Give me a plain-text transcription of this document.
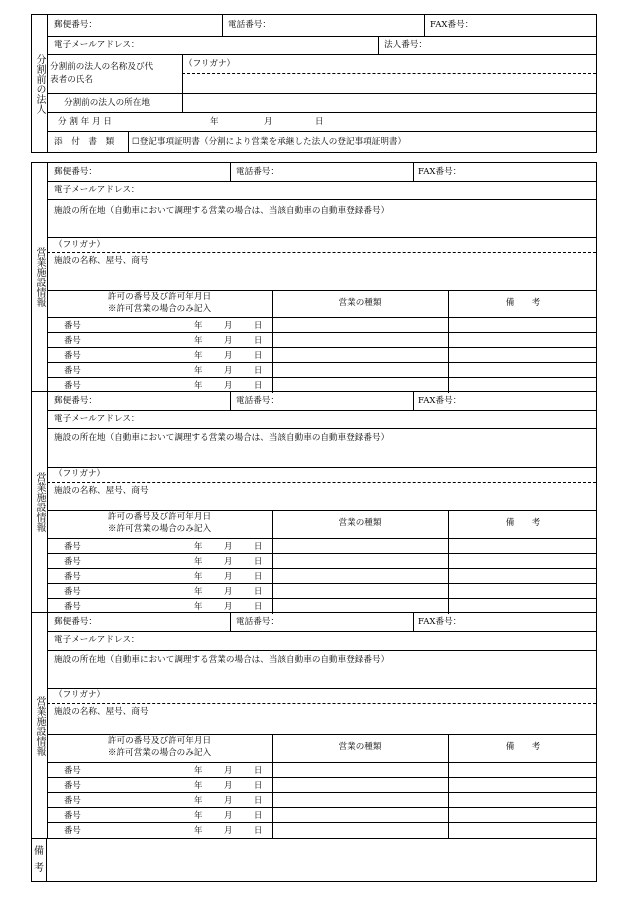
分割前の法人
郵便番号：	電話番号：	FAX番号：
電子メールアドレス：	法人番号：
分割前の法人の名称及び代
表者の氏名
（フリガナ）
分割前の法人の所在地
分 割 年 月 日	年	月	日
添　付　書　類 ☐登記事項証明書（分割により営業を承継した法人の登記事項証明書）
営業施設情報
郵便番号：	電話番号：	FAX番号：
電子メールアドレス：
施設の所在地（自動車において調理する営業の場合は、当該自動車の自動車登録番号）
（フリガナ）
施設の名称、屋号、商号
許可の番号及び許可年月日
※許可営業の場合のみ記入
営業の種類	備　　考
番号	年	月	日
番号	年	月	日
番号	年	月	日
番号	年	月	日
番号	年	月	日
営業施設情報
郵便番号：	電話番号：	FAX番号：
電子メールアドレス：
施設の所在地（自動車において調理する営業の場合は、当該自動車の自動車登録番号）
（フリガナ）
施設の名称、屋号、商号
許可の番号及び許可年月日
※許可営業の場合のみ記入
営業の種類	備　　考
番号	年	月	日
番号	年	月	日
番号	年	月	日
番号	年	月	日
番号	年	月	日
営業施設情報
郵便番号：	電話番号：	FAX番号：
電子メールアドレス：
施設の所在地（自動車において調理する営業の場合は、当該自動車の自動車登録番号）
（フリガナ）
施設の名称、屋号、商号
許可の番号及び許可年月日
※許可営業の場合のみ記入
営業の種類	備　　考
番号	年	月	日
番号	年	月	日
番号	年	月	日
番号	年	月	日
番号	年	月	日
備
考
